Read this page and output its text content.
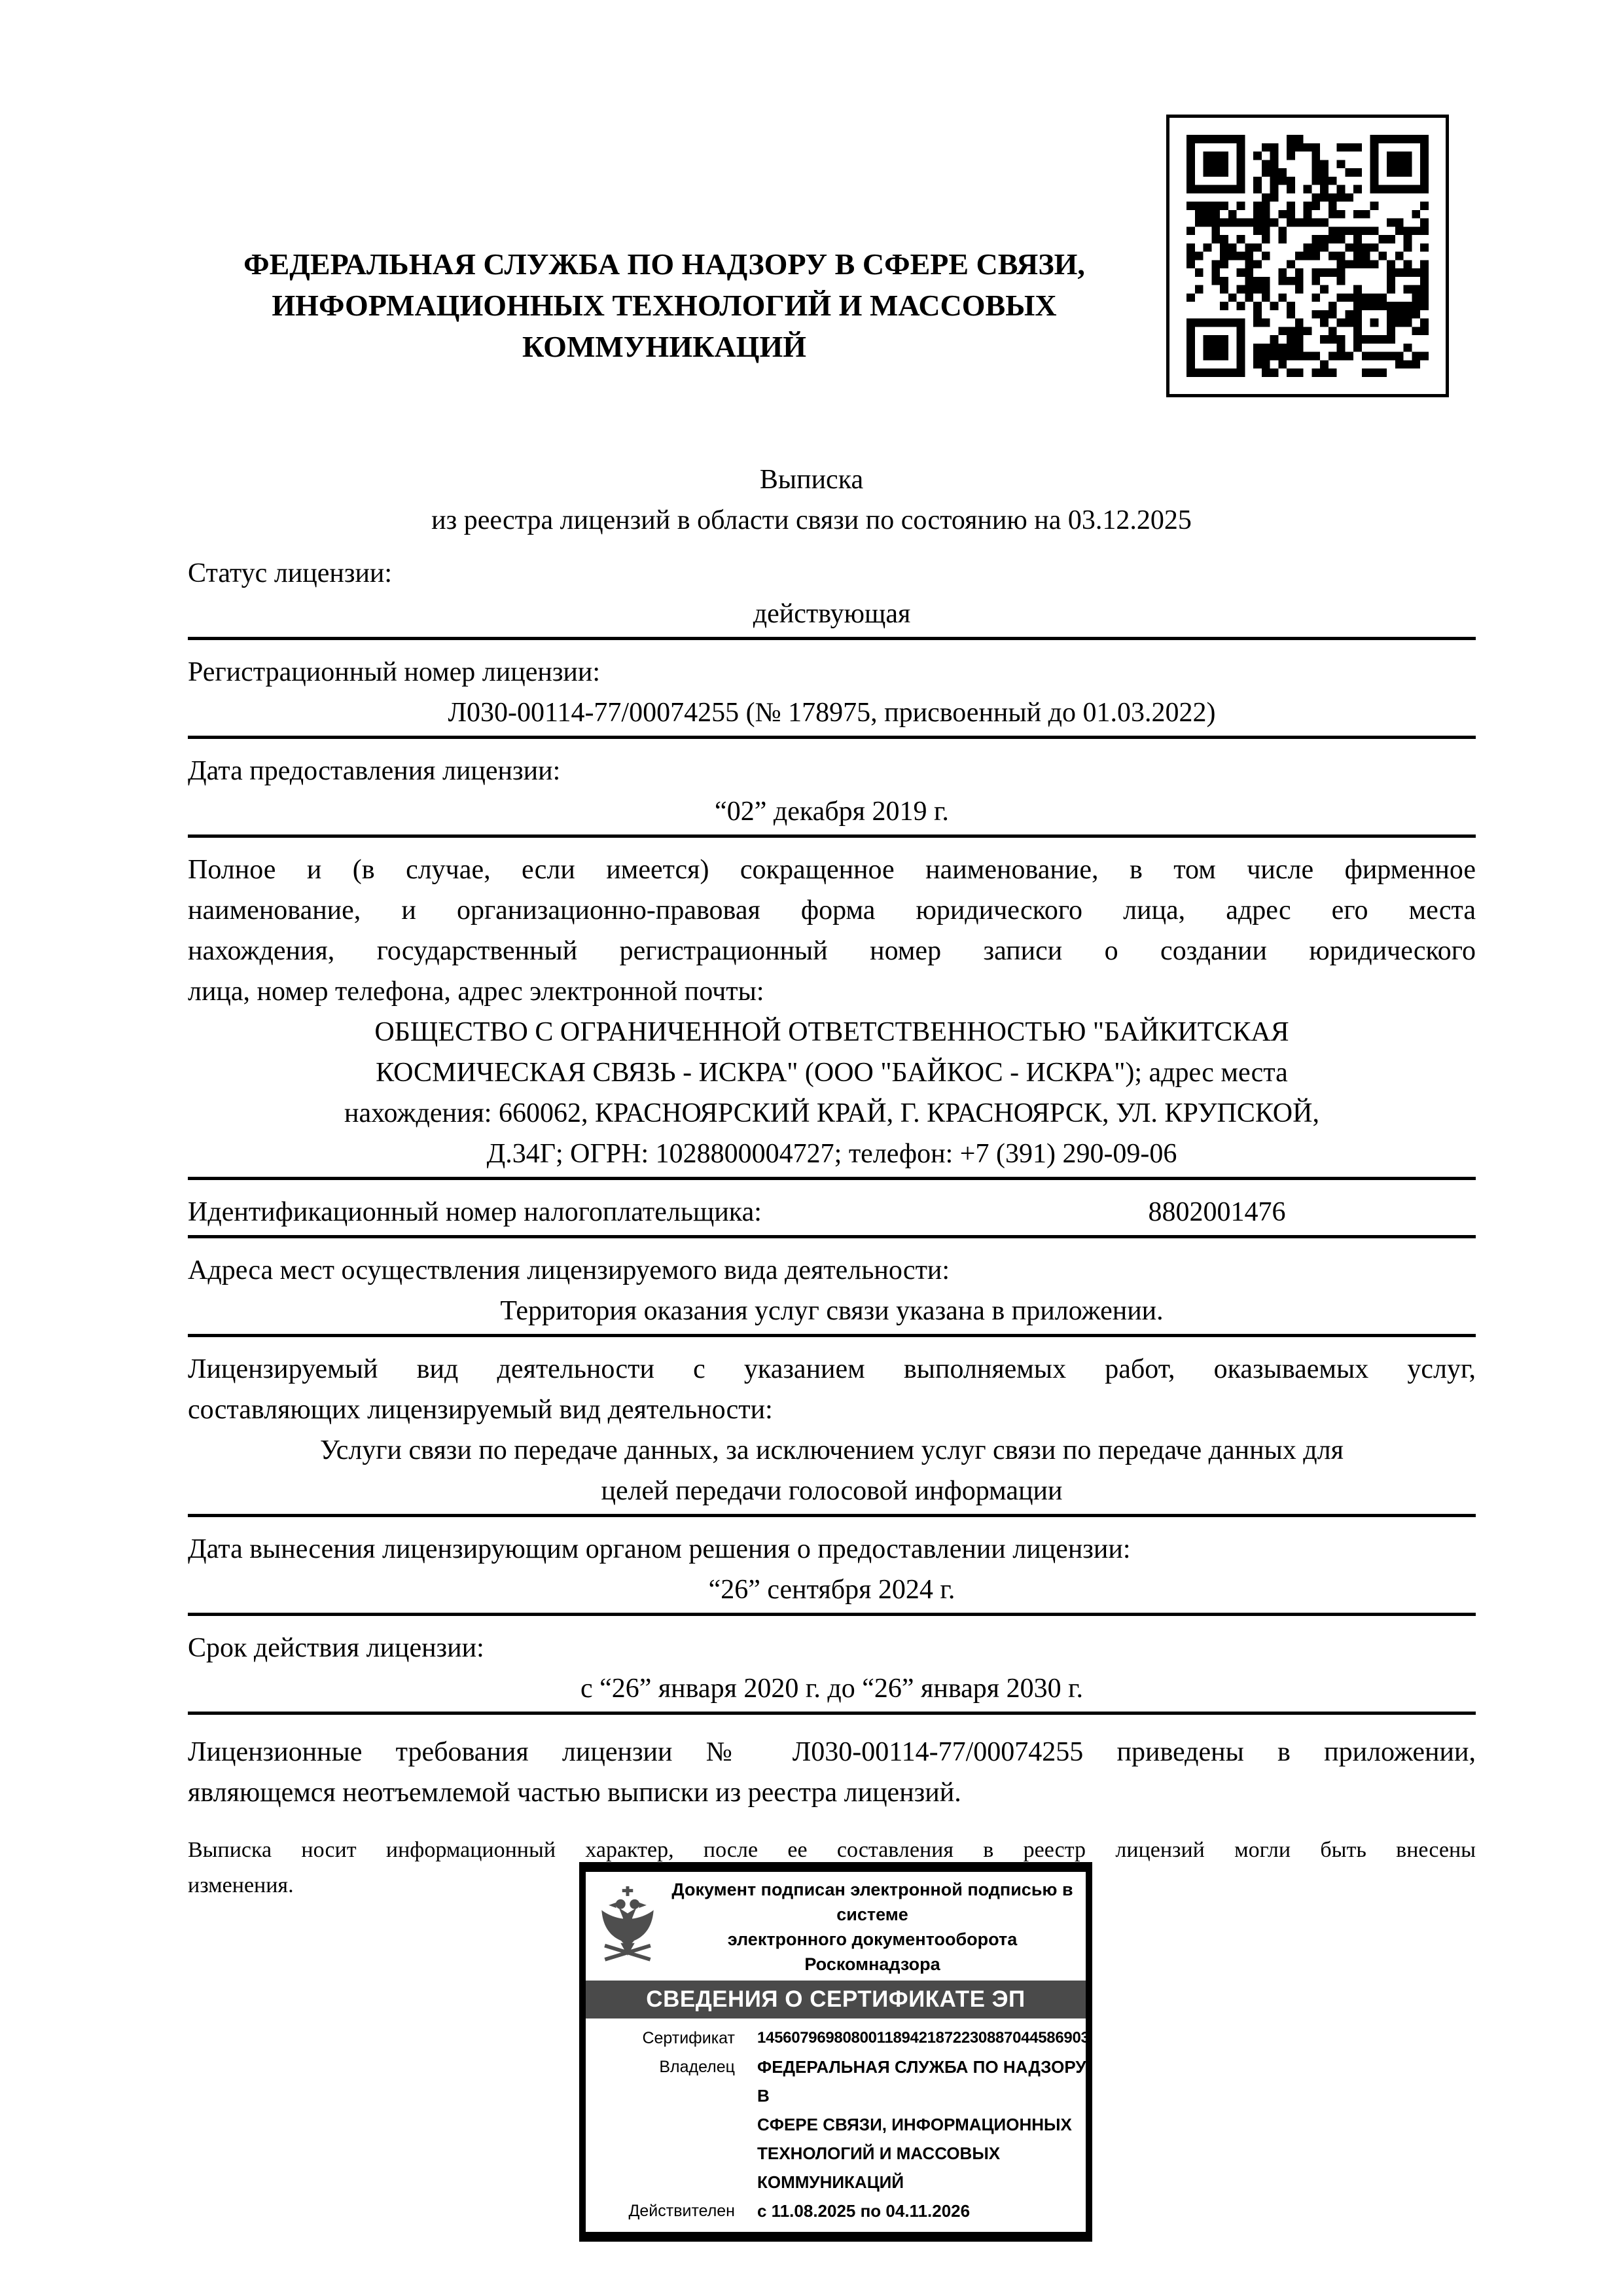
ФЕДЕРАЛЬНАЯ СЛУЖБА ПО НАДЗОРУ В СФЕРЕ СВЯЗИ,
ИНФОРМАЦИОННЫХ ТЕХНОЛОГИЙ И МАССОВЫХ
КОММУНИКАЦИЙ
Выписка
из реестра лицензий в области связи по состоянию на 03.12.2025
Статус лицензии:
действующая
Регистрационный номер лицензии:
Л030-00114-77/00074255 (№ 178975, присвоенный до 01.03.2022)
Дата предоставления лицензии:
“02” декабря 2019 г.
Полное и (в случае, если имеется) сокращенное наименование, в том числе фирменное
наименование, и организационно-правовая форма юридического лица, адрес его места
нахождения, государственный регистрационный номер записи о создании юридического
лица, номер телефона, адрес электронной почты:
ОБЩЕСТВО С ОГРАНИЧЕННОЙ ОТВЕТСТВЕННОСТЬЮ "БАЙКИТСКАЯ
КОСМИЧЕСКАЯ СВЯЗЬ - ИСКРА" (ООО "БАЙКОС - ИСКРА"); адрес места
нахождения: 660062, КРАСНОЯРСКИЙ КРАЙ, Г. КРАСНОЯРСК, УЛ. КРУПСКОЙ,
Д.34Г; ОГРН: 1028800004727; телефон: +7 (391) 290-09-06
Идентификационный номер налогоплательщика:	8802001476
Адреса мест осуществления лицензируемого вида деятельности:
Территория оказания услуг связи указана в приложении.
Лицензируемый вид деятельности с указанием выполняемых работ, оказываемых услуг,
составляющих лицензируемый вид деятельности:
Услуги связи по передаче данных, за исключением услуг связи по передаче данных для
целей передачи голосовой информации
Дата вынесения лицензирующим органом решения о предоставлении лицензии:
“26” сентября 2024 г.
Срок действия лицензии:
с “26” января 2020 г. до “26” января 2030 г.
Лицензионные требования лицензии № Л030-00114-77/00074255 приведены в приложении,
являющемся неотъемлемой частью выписки из реестра лицензий.
Выписка носит информационный характер, после ее составления в реестр лицензий могли быть внесены
изменения.	Документ подписан электронной подписью в системе
электронного документооборота Роскомнадзора
СВЕДЕНИЯ О СЕРТИФИКАТЕ ЭП
Сертификат 145607969808001189421872230887044586903
Владелец ФЕДЕРАЛЬНАЯ СЛУЖБА ПО НАДЗОРУ В
СФЕРЕ СВЯЗИ, ИНФОРМАЦИОННЫХ
ТЕХНОЛОГИЙ И МАССОВЫХ
КОММУНИКАЦИЙ
Действителен с 11.08.2025 по 04.11.2026
